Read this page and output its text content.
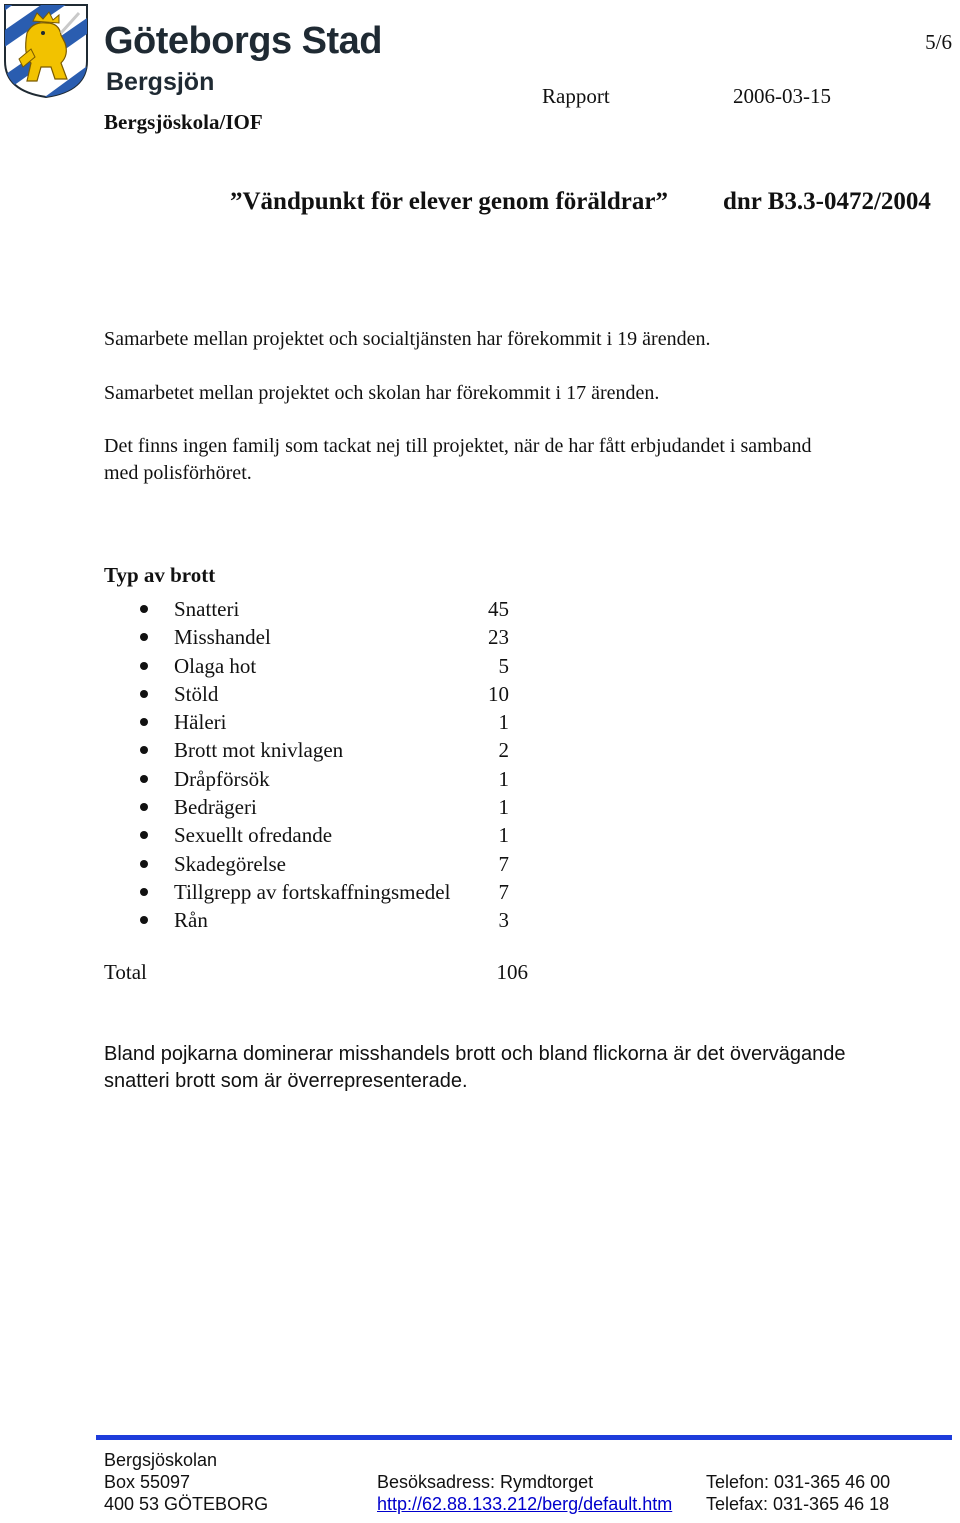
Göteborgs Stad
Bergsjön
5/6
Rapport	2006-03-15
Bergsjöskola/IOF
”Vändpunkt för elever genom föräldrar” dnr B3.3-0472/2004
Samarbete mellan projektet och socialtjänsten har förekommit i 19 ärenden.
Samarbetet mellan projektet och skolan har förekommit i 17 ärenden.
Det finns ingen familj som tackat nej till projektet, när de har fått erbjudandet i samband
med polisförhöret.
Typ av brott
Snatteri	45
Misshandel	23
Olaga hot	5
Stöld	10
Häleri	1
Brott mot knivlagen	2
Dråpförsök	1
Bedrägeri	1
Sexuellt ofredande	1
Skadegörelse	7
Tillgrepp av fortskaffningsmedel	7
Rån	3
Total	106
Bland pojkarna dominerar misshandels brott och bland flickorna är det övervägande
snatteri brott som är överrepresenterade.
Bergsjöskolan
Box 55097
400 53 GÖTEBORG
Besöksadress: Rymdtorget
http://62.88.133.212/berg/default.htm
Telefon: 031-365 46 00
Telefax: 031-365 46 18
